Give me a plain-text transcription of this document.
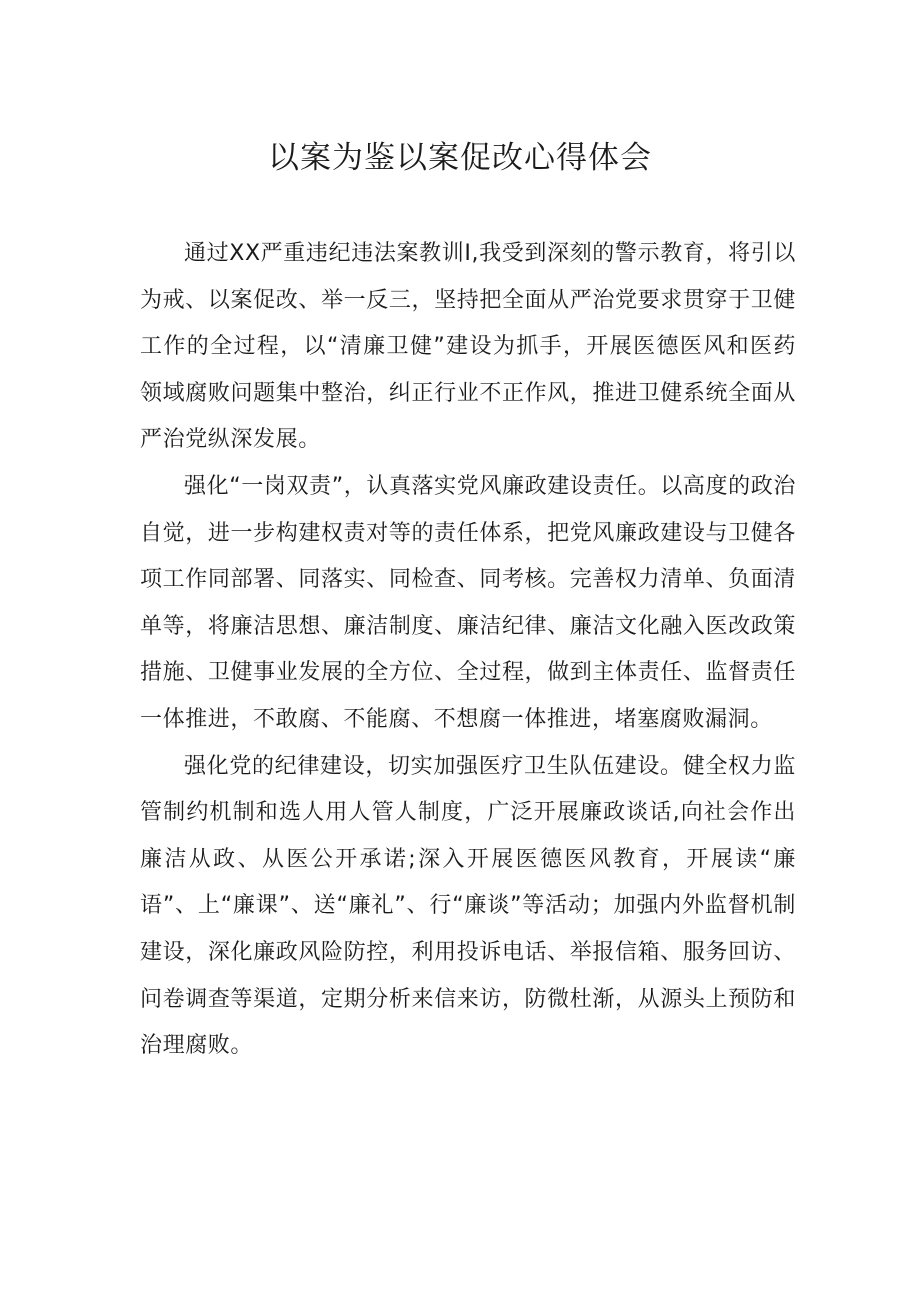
以案为鉴以案促改心得体会

通过XX严重违纪违法案教训I,我受到深刻的警示教育，将引以为戒、以案促改、举一反三，坚持把全面从严治党要求贯穿于卫健工作的全过程，以“清廉卫健”建设为抓手，开展医德医风和医药领域腐败问题集中整治，纠正行业不正作风，推进卫健系统全面从严治党纵深发展。

强化“一岗双责”，认真落实党风廉政建设责任。以高度的政治自觉，进一步构建权责对等的责任体系，把党风廉政建设与卫健各项工作同部署、同落实、同检查、同考核。完善权力清单、负面清单等，将廉洁思想、廉洁制度、廉洁纪律、廉洁文化融入医改政策措施、卫健事业发展的全方位、全过程，做到主体责任、监督责任一体推进，不敢腐、不能腐、不想腐一体推进，堵塞腐败漏洞。

强化党的纪律建设，切实加强医疗卫生队伍建设。健全权力监管制约机制和选人用人管人制度，广泛开展廉政谈话,向社会作出廉洁从政、从医公开承诺;深入开展医德医风教育，开展读“廉语”、上“廉课”、送“廉礼”、行“廉谈”等活动；加强内外监督机制建设，深化廉政风险防控，利用投诉电话、举报信箱、服务回访、问卷调查等渠道，定期分析来信来访，防微杜渐，从源头上预防和治理腐败。
